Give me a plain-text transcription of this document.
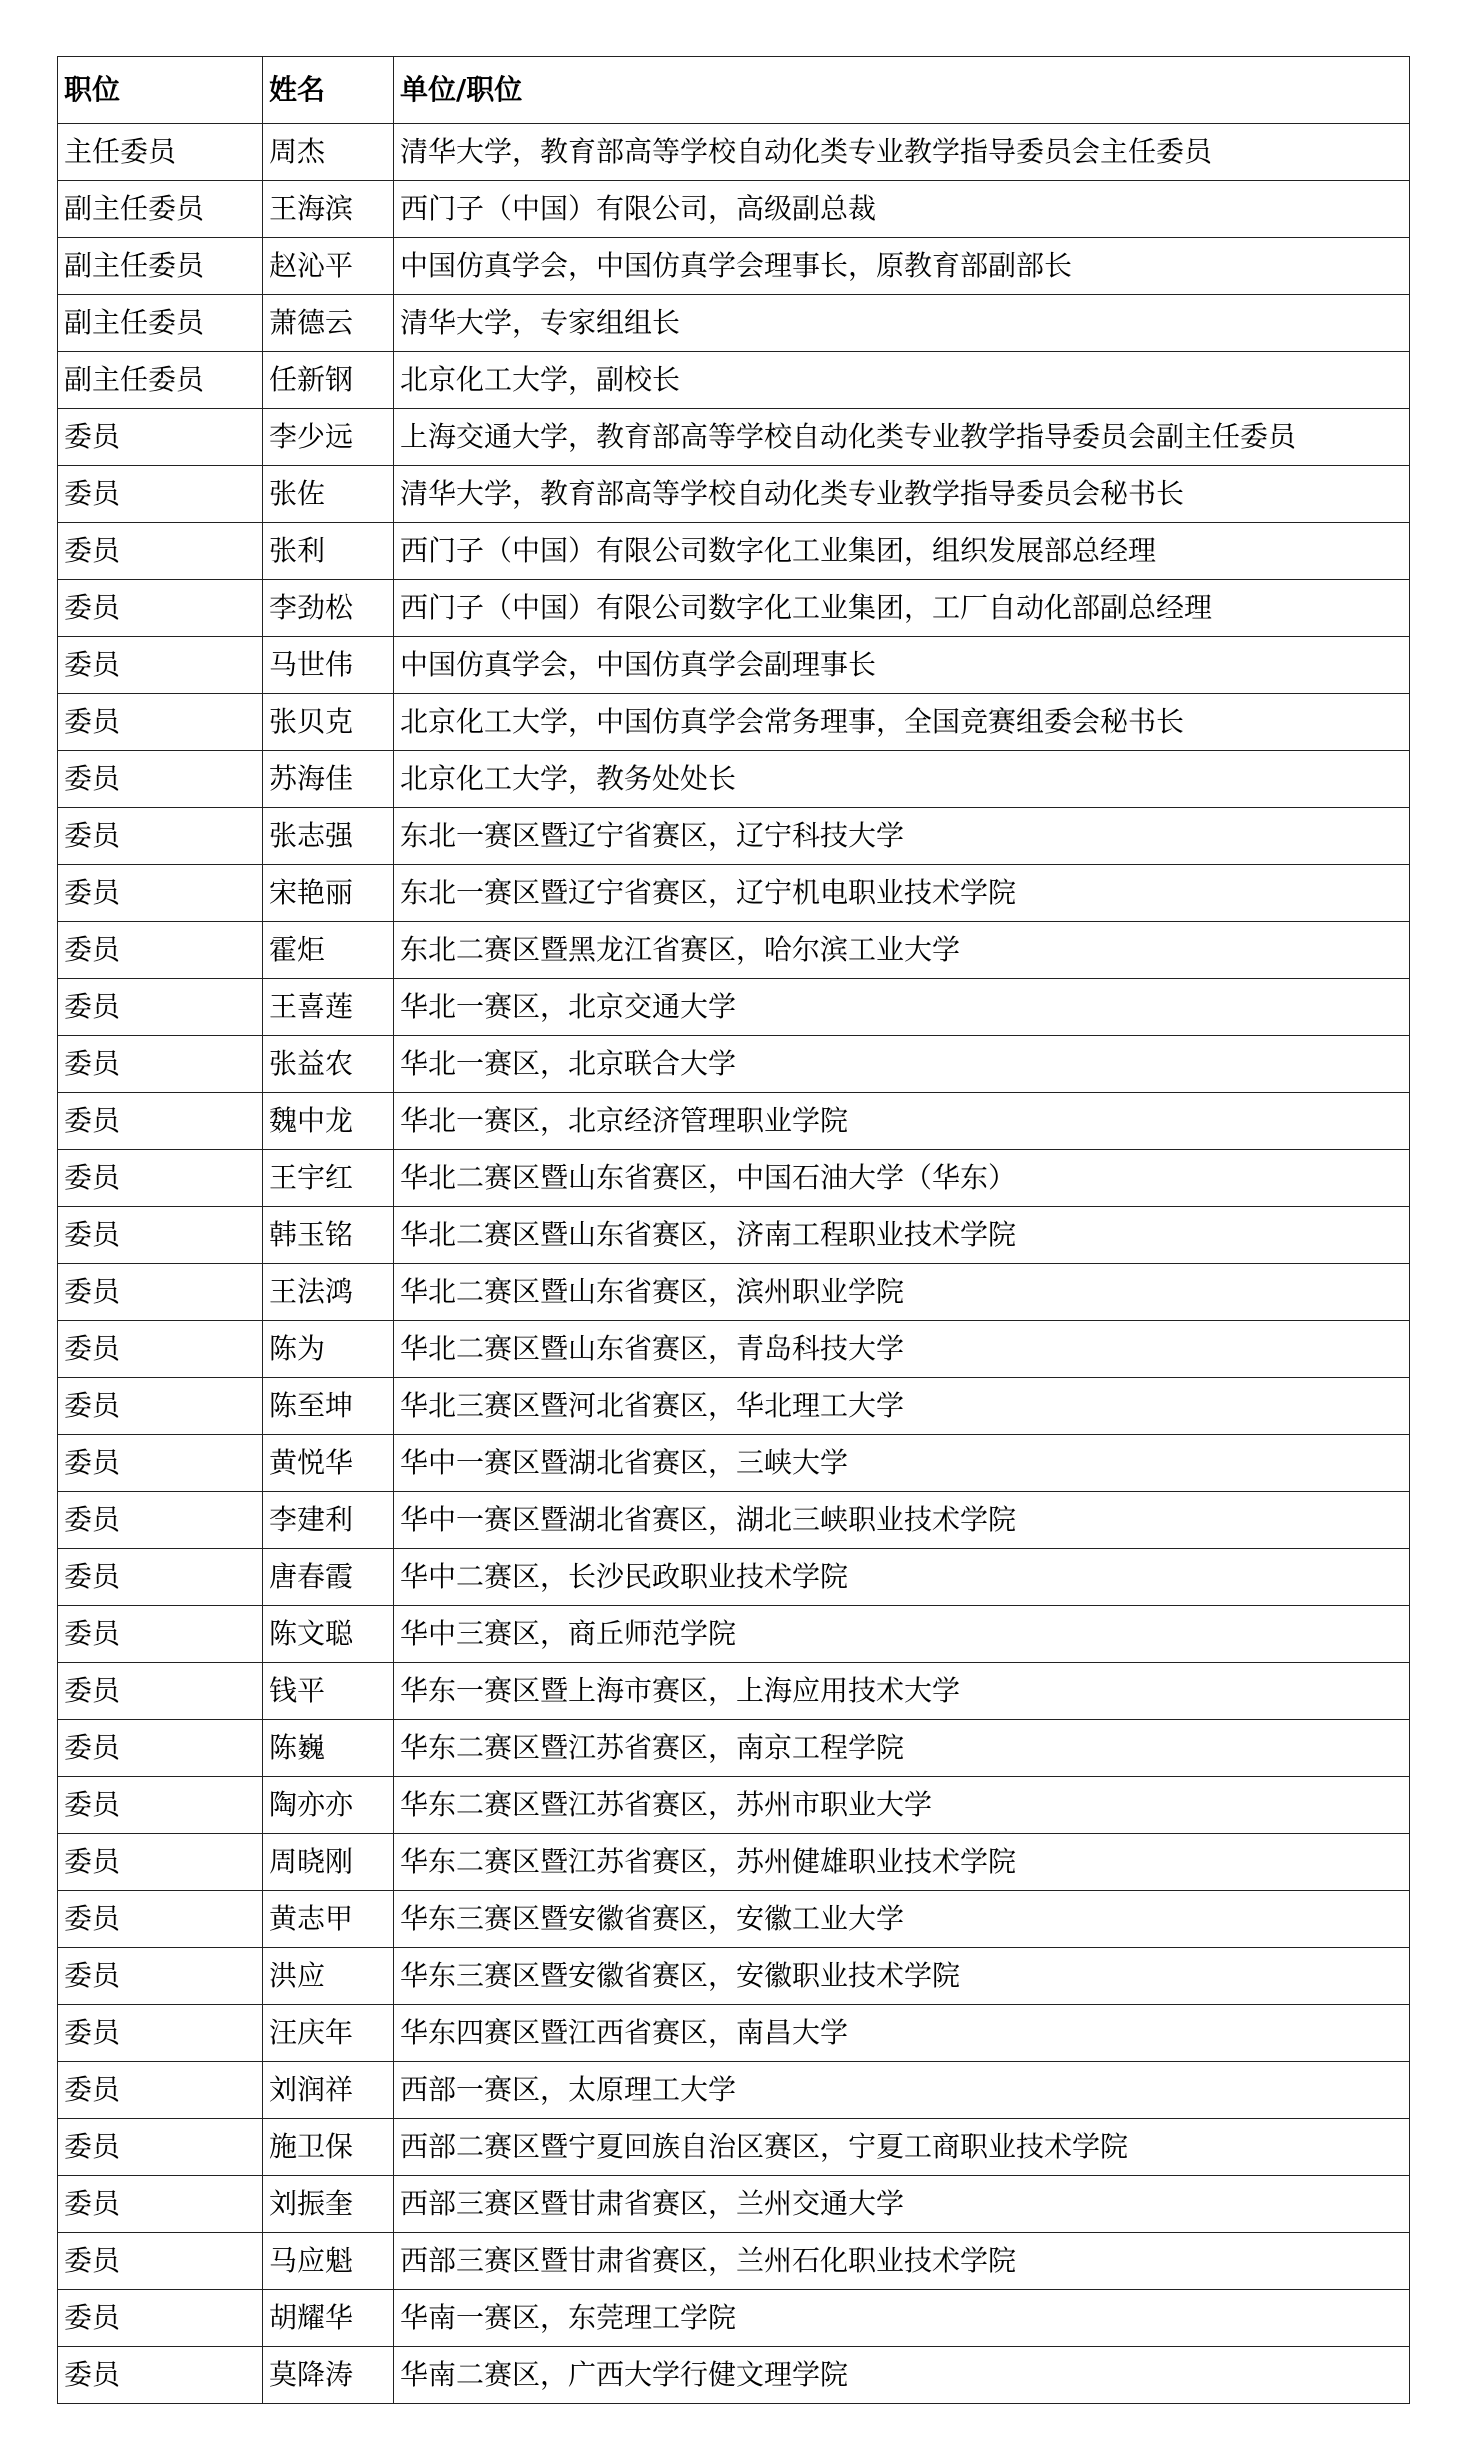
职位	姓名	单位/职位
主任委员	周杰	清华大学，教育部高等学校自动化类专业教学指导委员会主任委员
副主任委员	王海滨	西门子（中国）有限公司，高级副总裁
副主任委员	赵沁平	中国仿真学会，中国仿真学会理事长，原教育部副部长
副主任委员	萧德云	清华大学，专家组组长
副主任委员	任新钢	北京化工大学，副校长
委员	李少远	上海交通大学，教育部高等学校自动化类专业教学指导委员会副主任委员
委员	张佐	清华大学，教育部高等学校自动化类专业教学指导委员会秘书长
委员	张利	西门子（中国）有限公司数字化工业集团，组织发展部总经理
委员	李劲松	西门子（中国）有限公司数字化工业集团，工厂自动化部副总经理
委员	马世伟	中国仿真学会，中国仿真学会副理事长
委员	张贝克	北京化工大学，中国仿真学会常务理事，全国竞赛组委会秘书长
委员	苏海佳	北京化工大学，教务处处长
委员	张志强	东北一赛区暨辽宁省赛区，辽宁科技大学
委员	宋艳丽	东北一赛区暨辽宁省赛区，辽宁机电职业技术学院
委员	霍炬	东北二赛区暨黑龙江省赛区，哈尔滨工业大学
委员	王喜莲	华北一赛区，北京交通大学
委员	张益农	华北一赛区，北京联合大学
委员	魏中龙	华北一赛区，北京经济管理职业学院
委员	王宇红	华北二赛区暨山东省赛区，中国石油大学（华东）
委员	韩玉铭	华北二赛区暨山东省赛区，济南工程职业技术学院
委员	王法鸿	华北二赛区暨山东省赛区，滨州职业学院
委员	陈为	华北二赛区暨山东省赛区，青岛科技大学
委员	陈至坤	华北三赛区暨河北省赛区，华北理工大学
委员	黄悦华	华中一赛区暨湖北省赛区，三峡大学
委员	李建利	华中一赛区暨湖北省赛区，湖北三峡职业技术学院
委员	唐春霞	华中二赛区，长沙民政职业技术学院
委员	陈文聪	华中三赛区，商丘师范学院
委员	钱平	华东一赛区暨上海市赛区，上海应用技术大学
委员	陈巍	华东二赛区暨江苏省赛区，南京工程学院
委员	陶亦亦	华东二赛区暨江苏省赛区，苏州市职业大学
委员	周晓刚	华东二赛区暨江苏省赛区，苏州健雄职业技术学院
委员	黄志甲	华东三赛区暨安徽省赛区，安徽工业大学
委员	洪应	华东三赛区暨安徽省赛区，安徽职业技术学院
委员	汪庆年	华东四赛区暨江西省赛区，南昌大学
委员	刘润祥	西部一赛区，太原理工大学
委员	施卫保	西部二赛区暨宁夏回族自治区赛区，宁夏工商职业技术学院
委员	刘振奎	西部三赛区暨甘肃省赛区，兰州交通大学
委员	马应魁	西部三赛区暨甘肃省赛区，兰州石化职业技术学院
委员	胡耀华	华南一赛区，东莞理工学院
委员	莫降涛	华南二赛区，广西大学行健文理学院
